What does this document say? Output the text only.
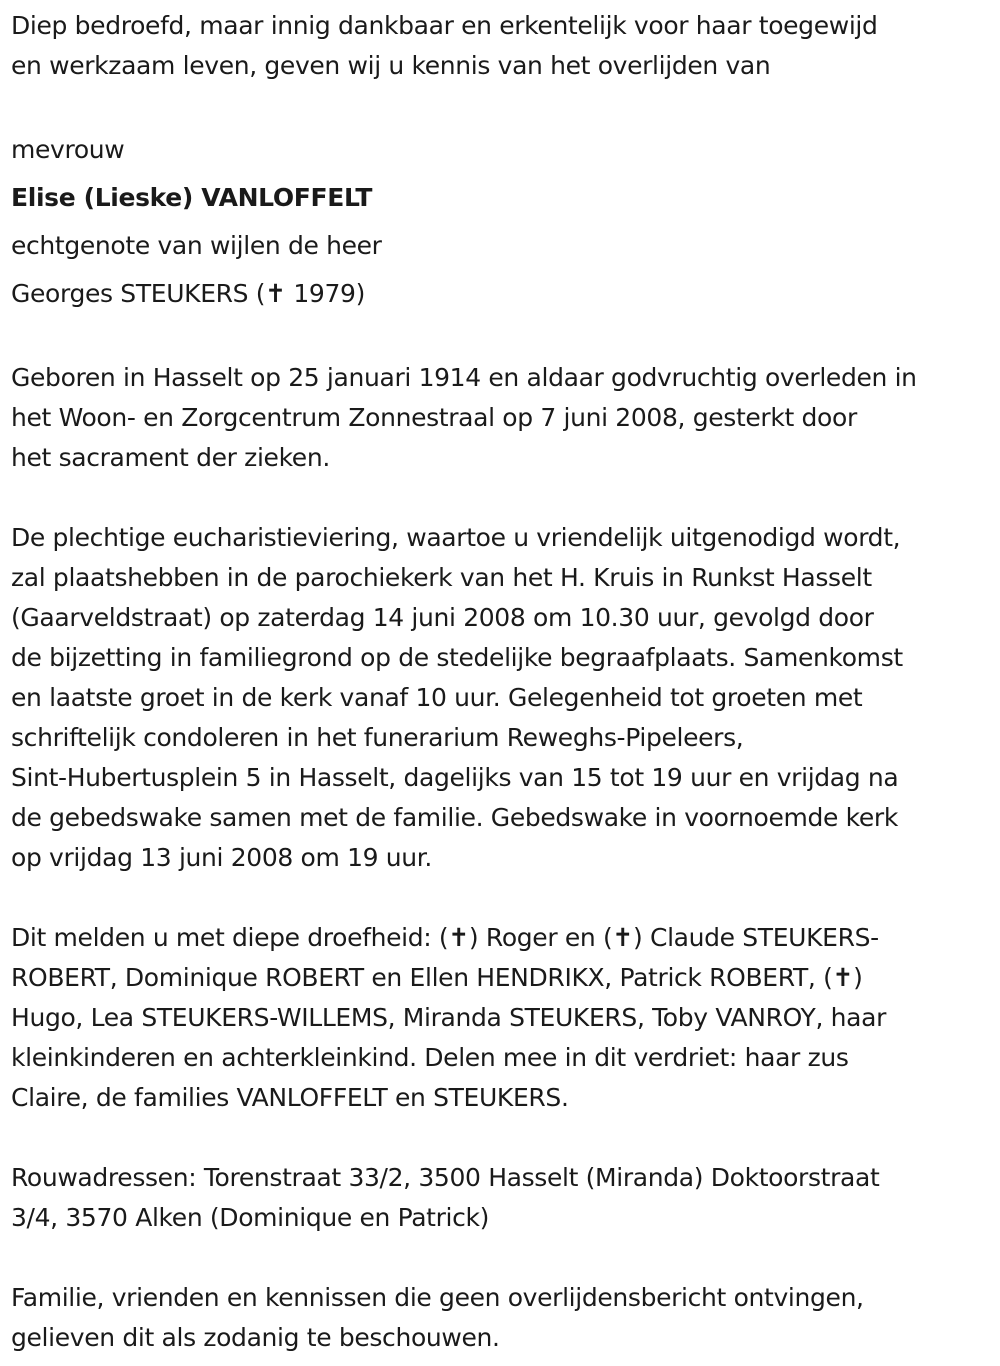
Diep bedroefd, maar innig dankbaar en erkentelijk voor haar toegewijd
en werkzaam leven, geven wij u kennis van het overlijden van

mevrouw

Elise (Lieske) VANLOFFELT

echtgenote van wijlen de heer

Georges STEUKERS (✝ 1979)

Geboren in Hasselt op 25 januari 1914 en aldaar godvruchtig overleden in
het Woon- en Zorgcentrum Zonnestraal op 7 juni 2008, gesterkt door
het sacrament der zieken.

De plechtige eucharistieviering, waartoe u vriendelijk uitgenodigd wordt,
zal plaatshebben in de parochiekerk van het H. Kruis in Runkst Hasselt
(Gaarveldstraat) op zaterdag 14 juni 2008 om 10.30 uur, gevolgd door
de bijzetting in familiegrond op de stedelijke begraafplaats. Samenkomst
en laatste groet in de kerk vanaf 10 uur. Gelegenheid tot groeten met
schriftelijk condoleren in het funerarium Reweghs-Pipeleers,
Sint-Hubertusplein 5 in Hasselt, dagelijks van 15 tot 19 uur en vrijdag na
de gebedswake samen met de familie. Gebedswake in voornoemde kerk
op vrijdag 13 juni 2008 om 19 uur.

Dit melden u met diepe droefheid: (✝) Roger en (✝) Claude STEUKERS-
ROBERT, Dominique ROBERT en Ellen HENDRIKX, Patrick ROBERT, (✝)
Hugo, Lea STEUKERS-WILLEMS, Miranda STEUKERS, Toby VANROY, haar
kleinkinderen en achterkleinkind. Delen mee in dit verdriet: haar zus
Claire, de families VANLOFFELT en STEUKERS.

Rouwadressen: Torenstraat 33/2, 3500 Hasselt (Miranda) Doktoorstraat
3/4, 3570 Alken (Dominique en Patrick)

Familie, vrienden en kennissen die geen overlijdensbericht ontvingen,
gelieven dit als zodanig te beschouwen.
